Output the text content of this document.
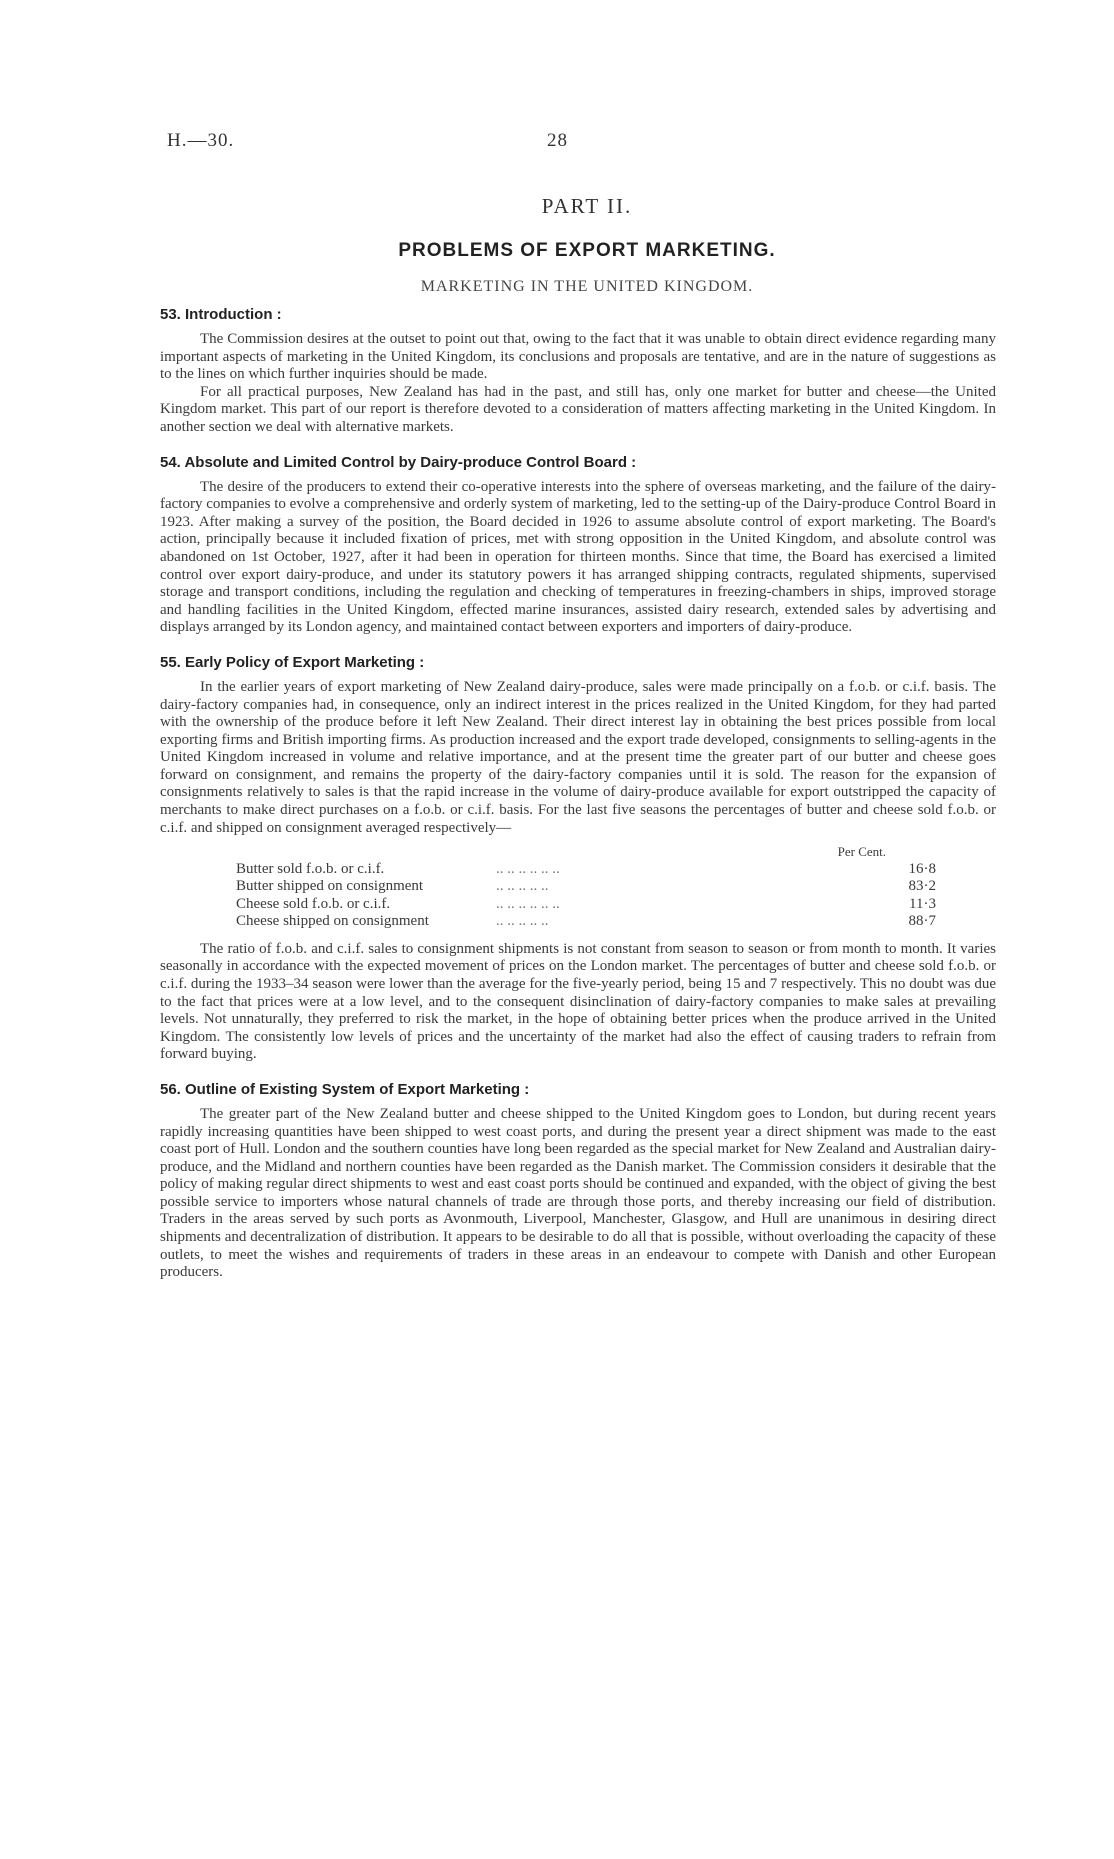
H.—30.	28
PART II.
PROBLEMS OF EXPORT MARKETING.
MARKETING IN THE UNITED KINGDOM.
53. Introduction :

The Commission desires at the outset to point out that, owing to the fact that it was unable to obtain direct evidence regarding many important aspects of marketing in the United Kingdom, its conclusions and proposals are tentative, and are in the nature of suggestions as to the lines on which further inquiries should be made.

For all practical purposes, New Zealand has had in the past, and still has, only one market for butter and cheese—the United Kingdom market. This part of our report is therefore devoted to a consideration of matters affecting marketing in the United Kingdom. In another section we deal with alternative markets.

54. Absolute and Limited Control by Dairy-produce Control Board :

The desire of the producers to extend their co-operative interests into the sphere of overseas marketing, and the failure of the dairy-factory companies to evolve a comprehensive and orderly system of marketing, led to the setting-up of the Dairy-produce Control Board in 1923. After making a survey of the position, the Board decided in 1926 to assume absolute control of export marketing. The Board's action, principally because it included fixation of prices, met with strong opposition in the United Kingdom, and absolute control was abandoned on 1st October, 1927, after it had been in operation for thirteen months. Since that time, the Board has exercised a limited control over export dairy-produce, and under its statutory powers it has arranged shipping contracts, regulated shipments, supervised storage and transport conditions, including the regulation and checking of temperatures in freezing-chambers in ships, improved storage and handling facilities in the United Kingdom, effected marine insurances, assisted dairy research, extended sales by advertising and displays arranged by its London agency, and maintained contact between exporters and importers of dairy-produce.

55. Early Policy of Export Marketing :

In the earlier years of export marketing of New Zealand dairy-produce, sales were made principally on a f.o.b. or c.i.f. basis. The dairy-factory companies had, in consequence, only an indirect interest in the prices realized in the United Kingdom, for they had parted with the ownership of the produce before it left New Zealand. Their direct interest lay in obtaining the best prices possible from local exporting firms and British importing firms. As production increased and the export trade developed, consignments to selling-agents in the United Kingdom increased in volume and relative importance, and at the present time the greater part of our butter and cheese goes forward on consignment, and remains the property of the dairy-factory companies until it is sold. The reason for the expansion of consignments relatively to sales is that the rapid increase in the volume of dairy-produce available for export outstripped the capacity of merchants to make direct purchases on a f.o.b. or c.i.f. basis. For the last five seasons the percentages of butter and cheese sold f.o.b. or c.i.f. and shipped on consignment averaged respectively—

Per Cent.
Butter sold f.o.b. or c.i.f.	.. .. .. .. .. ..	16·8
Butter shipped on consignment	.. .. .. .. ..	83·2
Cheese sold f.o.b. or c.i.f.	.. .. .. .. .. ..	11·3
Cheese shipped on consignment	.. .. .. .. ..	88·7

The ratio of f.o.b. and c.i.f. sales to consignment shipments is not constant from season to season or from month to month. It varies seasonally in accordance with the expected movement of prices on the London market. The percentages of butter and cheese sold f.o.b. or c.i.f. during the 1933–34 season were lower than the average for the five-yearly period, being 15 and 7 respectively. This no doubt was due to the fact that prices were at a low level, and to the consequent disinclination of dairy-factory companies to make sales at prevailing levels. Not unnaturally, they preferred to risk the market, in the hope of obtaining better prices when the produce arrived in the United Kingdom. The consistently low levels of prices and the uncertainty of the market had also the effect of causing traders to refrain from forward buying.

56. Outline of Existing System of Export Marketing :

The greater part of the New Zealand butter and cheese shipped to the United Kingdom goes to London, but during recent years rapidly increasing quantities have been shipped to west coast ports, and during the present year a direct shipment was made to the east coast port of Hull. London and the southern counties have long been regarded as the special market for New Zealand and Australian dairy-produce, and the Midland and northern counties have been regarded as the Danish market. The Commission considers it desirable that the policy of making regular direct shipments to west and east coast ports should be continued and expanded, with the object of giving the best possible service to importers whose natural channels of trade are through those ports, and thereby increasing our field of distribution. Traders in the areas served by such ports as Avonmouth, Liverpool, Manchester, Glasgow, and Hull are unanimous in desiring direct shipments and decentralization of distribution. It appears to be desirable to do all that is possible, without overloading the capacity of these outlets, to meet the wishes and requirements of traders in these areas in an endeavour to compete with Danish and other European producers.
